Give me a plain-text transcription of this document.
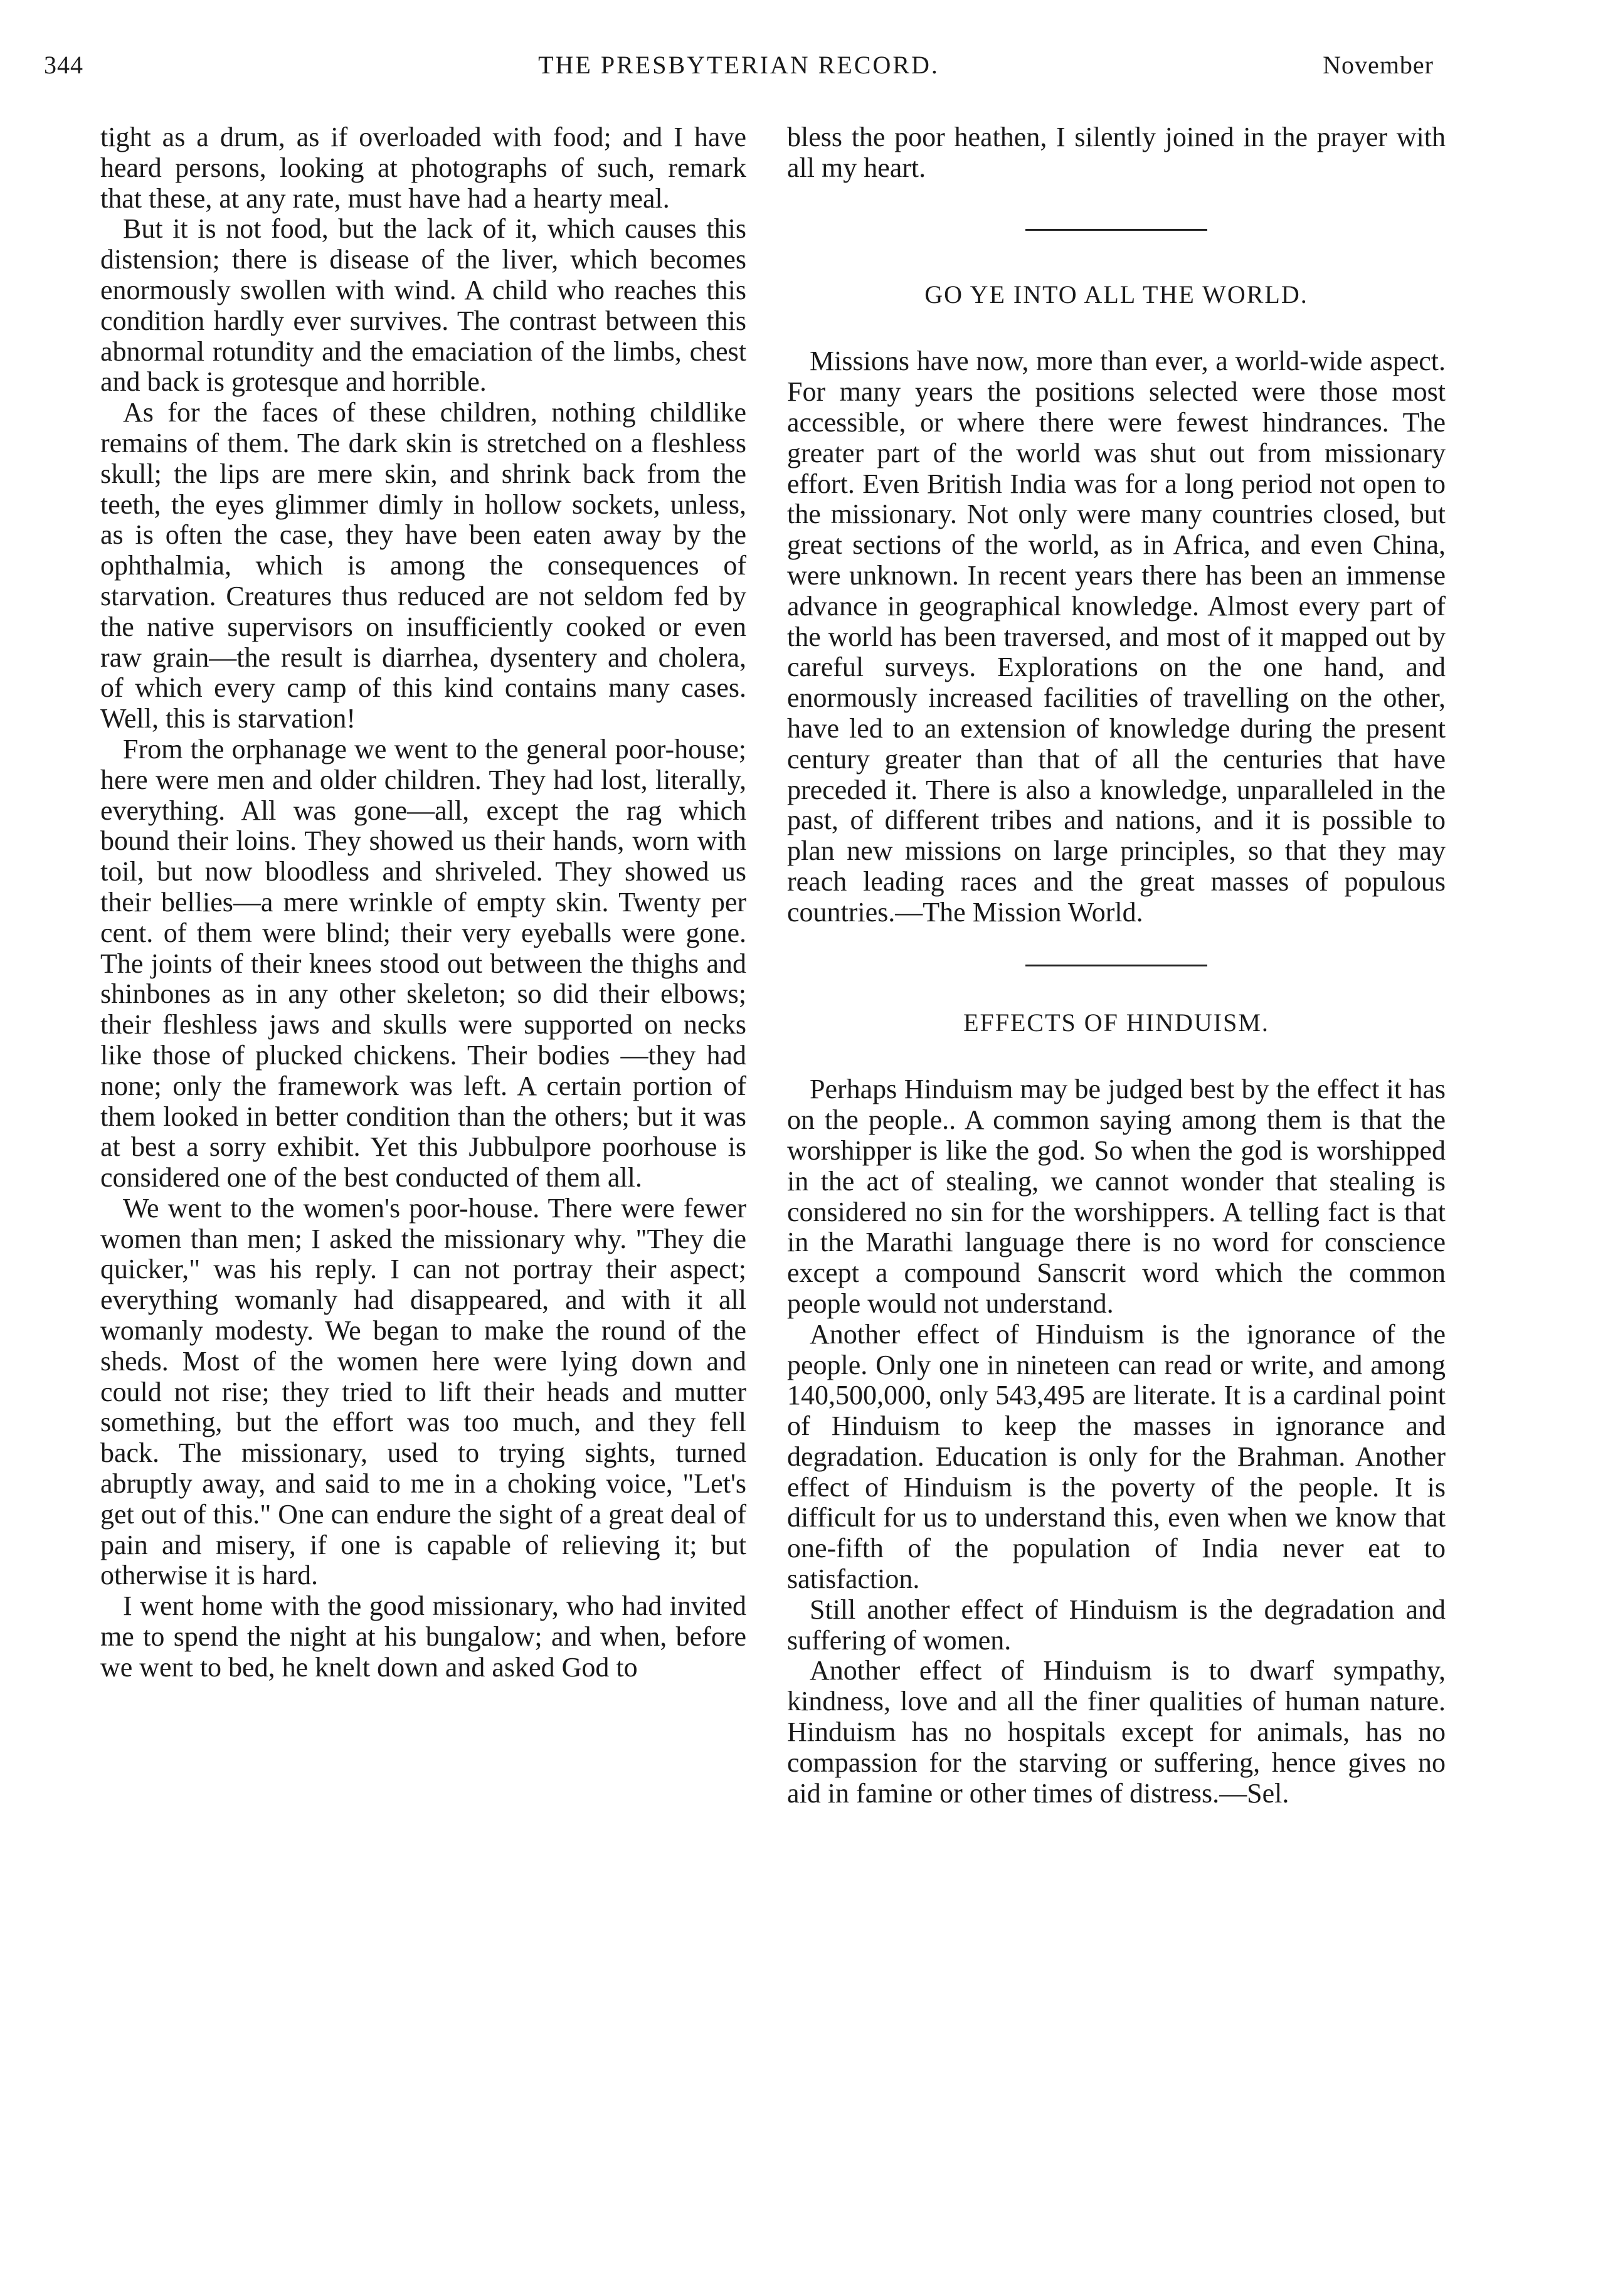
344	THE PRESBYTERIAN RECORD.	November

tight as a drum, as if overloaded with food; and I have heard persons, looking at photographs of such, remark that these, at any rate, must have had a hearty meal.

But it is not food, but the lack of it, which causes this distension; there is disease of the liver, which becomes enormously swollen with wind. A child who reaches this condition hardly ever survives. The contrast between this abnormal rotundity and the emaciation of the limbs, chest and back is grotesque and horrible.

As for the faces of these children, nothing childlike remains of them. The dark skin is stretched on a fleshless skull; the lips are mere skin, and shrink back from the teeth, the eyes glimmer dimly in hollow sockets, unless, as is often the case, they have been eaten away by the ophthalmia, which is among the consequences of starvation. Creatures thus reduced are not seldom fed by the native supervisors on insufficiently cooked or even raw grain—the result is diarrhea, dysentery and cholera, of which every camp of this kind contains many cases. Well, this is starvation!

From the orphanage we went to the general poor-house; here were men and older children. They had lost, literally, everything. All was gone—all, except the rag which bound their loins. They showed us their hands, worn with toil, but now bloodless and shriveled. They showed us their bellies—a mere wrinkle of empty skin. Twenty per cent. of them were blind; their very eyeballs were gone. The joints of their knees stood out between the thighs and shinbones as in any other skeleton; so did their elbows; their fleshless jaws and skulls were supported on necks like those of plucked chickens. Their bodies —they had none; only the framework was left. A certain portion of them looked in better condition than the others; but it was at best a sorry exhibit. Yet this Jubbulpore poorhouse is considered one of the best conducted of them all.

We went to the women's poor-house. There were fewer women than men; I asked the missionary why. "They die quicker," was his reply. I can not portray their aspect; everything womanly had disappeared, and with it all womanly modesty. We began to make the round of the sheds. Most of the women here were lying down and could not rise; they tried to lift their heads and mutter something, but the effort was too much, and they fell back. The missionary, used to trying sights, turned abruptly away, and said to me in a choking voice, "Let's get out of this." One can endure the sight of a great deal of pain and misery, if one is capable of relieving it; but otherwise it is hard.

I went home with the good missionary, who had invited me to spend the night at his bungalow; and when, before we went to bed, he knelt down and asked God to

bless the poor heathen, I silently joined in the prayer with all my heart.

GO YE INTO ALL THE WORLD.

Missions have now, more than ever, a world-wide aspect. For many years the positions selected were those most accessible, or where there were fewest hindrances. The greater part of the world was shut out from missionary effort. Even British India was for a long period not open to the missionary. Not only were many countries closed, but great sections of the world, as in Africa, and even China, were unknown. In recent years there has been an immense advance in geographical knowledge. Almost every part of the world has been traversed, and most of it mapped out by careful surveys. Explorations on the one hand, and enormously increased facilities of travelling on the other, have led to an extension of knowledge during the present century greater than that of all the centuries that have preceded it. There is also a knowledge, unparalleled in the past, of different tribes and nations, and it is possible to plan new missions on large principles, so that they may reach leading races and the great masses of populous countries.—The Mission World.

EFFECTS OF HINDUISM.

Perhaps Hinduism may be judged best by the effect it has on the people.. A common saying among them is that the worshipper is like the god. So when the god is worshipped in the act of stealing, we cannot wonder that stealing is considered no sin for the worshippers. A telling fact is that in the Marathi language there is no word for conscience except a compound Sanscrit word which the common people would not understand.

Another effect of Hinduism is the ignorance of the people. Only one in nineteen can read or write, and among 140,500,000, only 543,495 are literate. It is a cardinal point of Hinduism to keep the masses in ignorance and degradation. Education is only for the Brahman. Another effect of Hinduism is the poverty of the people. It is difficult for us to understand this, even when we know that one-fifth of the population of India never eat to satisfaction.

Still another effect of Hinduism is the degradation and suffering of women.

Another effect of Hinduism is to dwarf sympathy, kindness, love and all the finer qualities of human nature. Hinduism has no hospitals except for animals, has no compassion for the starving or suffering, hence gives no aid in famine or other times of distress.—Sel.
